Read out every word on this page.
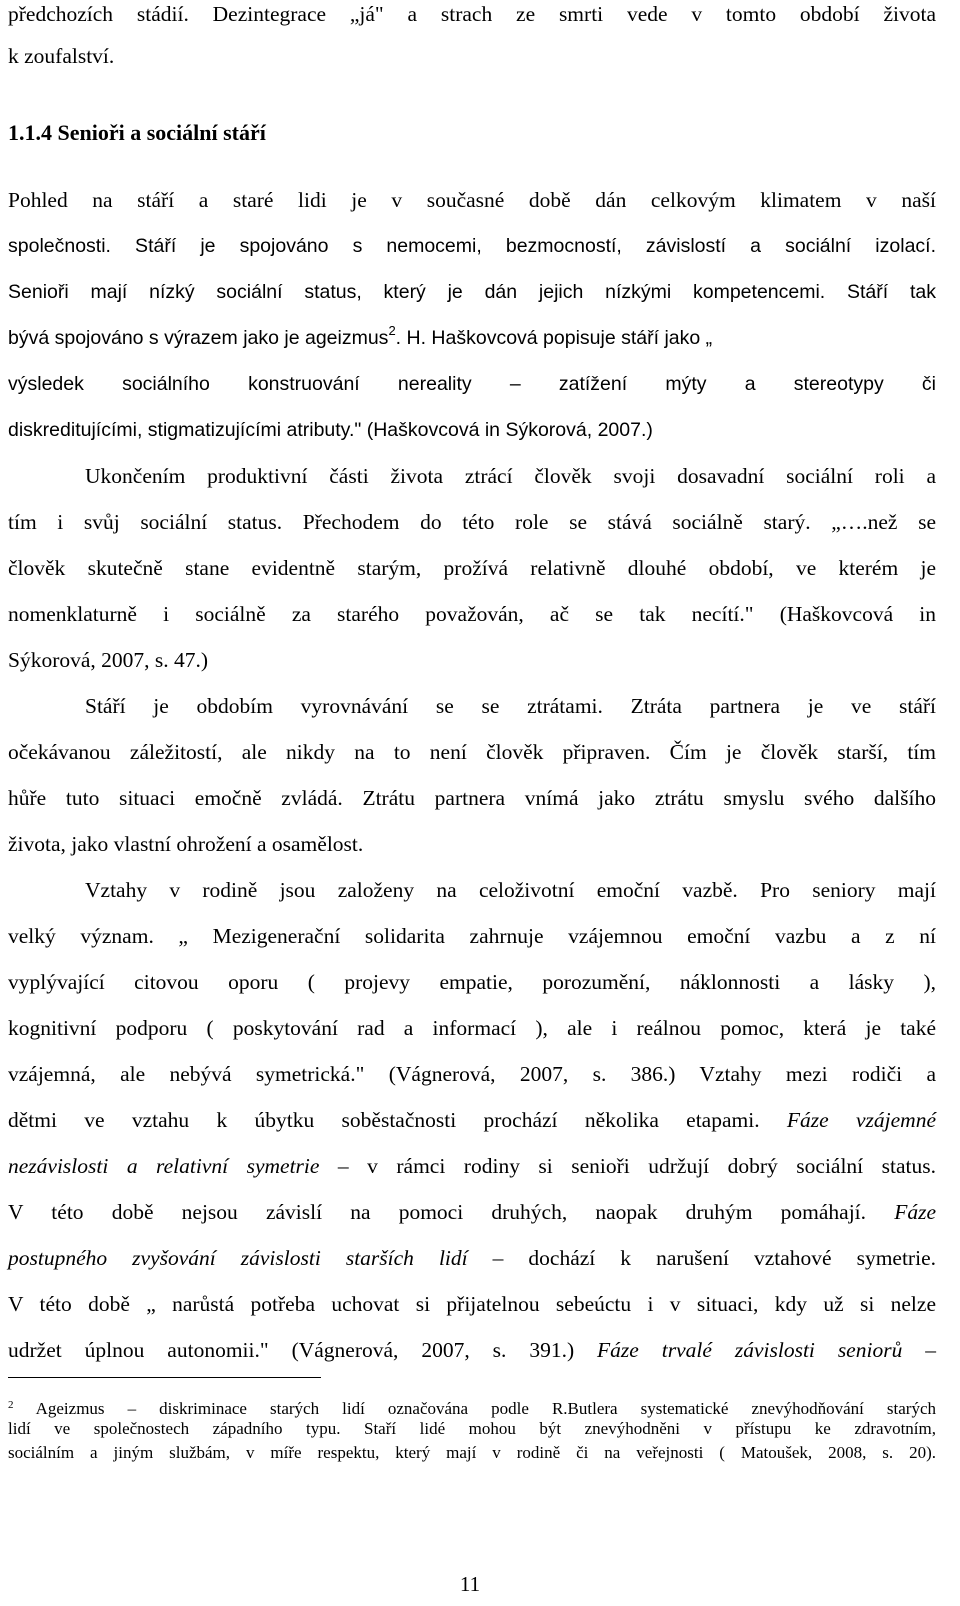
předchozích stádií. Dezintegrace „já" a strach ze smrti vede v tomto období života
k zoufalství.
1.1.4 Senioři a sociální stáří
Pohled na stáří a staré lidi je v současné době dán celkovým klimatem v naší
společnosti. Stáří je spojováno s nemocemi, bezmocností, závislostí a sociální izolací.
Senioři mají nízký sociální status, který je dán jejich nízkými kompetencemi. Stáří tak
bývá spojováno s výrazem jako je ageizmus$^2$. H. Haškovcová popisuje stáří jako „
výsledek sociálního konstruování nereality – zatížení mýty a stereotypy či
diskreditujícími, stigmatizujícími atributy." (Haškovcová in Sýkorová, 2007.)
Ukončením produktivní části života ztrácí člověk svoji dosavadní sociální roli a
tím i svůj sociální status. Přechodem do této role se stává sociálně starý. „….než se
člověk skutečně stane evidentně starým, prožívá relativně dlouhé období, ve kterém je
nomenklaturně i sociálně za starého považován, ač se tak necítí." (Haškovcová in
Sýkorová, 2007, s. 47.)
Stáří je obdobím vyrovnávání se se ztrátami. Ztráta partnera je ve stáří
očekávanou záležitostí, ale nikdy na to není člověk připraven. Čím je člověk starší, tím
hůře tuto situaci emočně zvládá. Ztrátu partnera vnímá jako ztrátu smyslu svého dalšího
života, jako vlastní ohrožení a osamělost.
Vztahy v rodině jsou založeny na celoživotní emoční vazbě. Pro seniory mají
velký význam. „ Mezigenerační solidarita zahrnuje vzájemnou emoční vazbu a z ní
vyplývající citovou oporu ( projevy empatie, porozumění, náklonnosti a lásky ),
kognitivní podporu ( poskytování rad a informací ), ale i reálnou pomoc, která je také
vzájemná, ale nebývá symetrická." (Vágnerová, 2007, s. 386.) Vztahy mezi rodiči a
dětmi ve vztahu k úbytku soběstačnosti prochází několika etapami. Fáze vzájemné
nezávislosti a relativní symetrie – v rámci rodiny si senioři udržují dobrý sociální status.
V této době nejsou závislí na pomoci druhých, naopak druhým pomáhají. Fáze
postupného zvyšování závislosti starších lidí – dochází k narušení vztahové symetrie.
V této době „ narůstá potřeba uchovat si přijatelnou sebeúctu i v situaci, kdy už si nelze
udržet úplnou autonomii." (Vágnerová, 2007, s. 391.) Fáze trvalé závislosti seniorů –
$^2$ Ageizmus – diskriminace starých lidí označována podle R.Butlera systematické znevýhodňování starých
lidí ve společnostech západního typu. Staří lidé mohou být znevýhodněni v přístupu ke zdravotním,
sociálním a jiným službám, v míře respektu, který mají v rodině či na veřejnosti ( Matoušek, 2008, s. 20).
11
